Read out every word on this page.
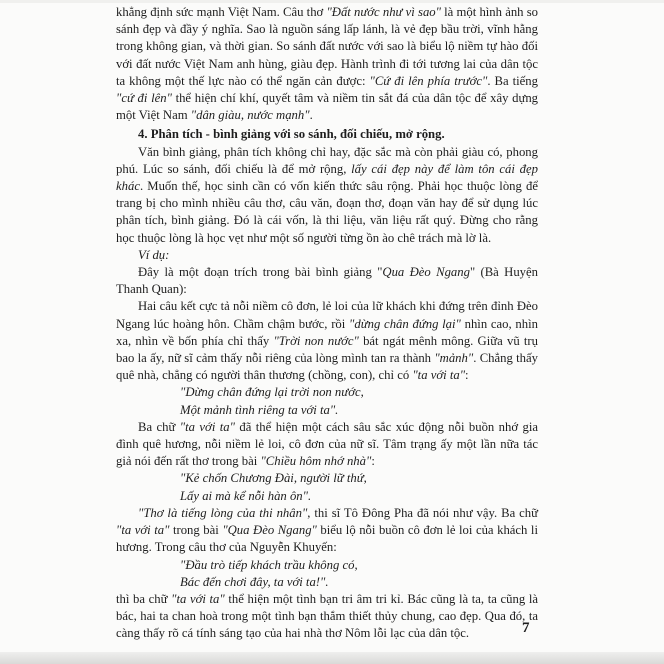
khẳng định sức mạnh Việt Nam. Câu thơ "Đất nước như vì sao" là một hình ảnh so sánh đẹp và đầy ý nghĩa. Sao là nguồn sáng lấp lánh, là vẻ đẹp bầu trời, vĩnh hằng trong không gian, và thời gian. So sánh đất nước với sao là biểu lộ niềm tự hào đối với đất nước Việt Nam anh hùng, giàu đẹp. Hành trình đi tới tương lai của dân tộc ta không một thế lực nào có thể ngăn cản được: "Cứ đi lên phía trước". Ba tiếng "cứ đi lên" thể hiện chí khí, quyết tâm và niềm tin sắt đá của dân tộc để xây dựng một Việt Nam "dân giàu, nước mạnh".

4. Phân tích - bình giảng với so sánh, đối chiếu, mở rộng.

Văn bình giảng, phân tích không chỉ hay, đặc sắc mà còn phải giàu có, phong phú. Lúc so sánh, đối chiếu là để mở rộng, lấy cái đẹp này để làm tôn cái đẹp khác. Muốn thế, học sinh cần có vốn kiến thức sâu rộng. Phải học thuộc lòng để trang bị cho mình nhiều câu thơ, câu văn, đoạn thơ, đoạn văn hay để sử dụng lúc phân tích, bình giảng. Đó là cái vốn, là thi liệu, văn liệu rất quý. Đừng cho rằng học thuộc lòng là học vẹt như một số người từng ồn ào chê trách mà lờ là.

Ví dụ:

Đây là một đoạn trích trong bài bình giảng "Qua Đèo Ngang" (Bà Huyện Thanh Quan):

Hai câu kết cực tả nỗi niềm cô đơn, lẻ loi của lữ khách khi đứng trên đỉnh Đèo Ngang lúc hoàng hôn. Chầm chậm bước, rồi "dừng chân đứng lại" nhìn cao, nhìn xa, nhìn về bốn phía chỉ thấy "Trời non nước" bát ngát mênh mông. Giữa vũ trụ bao la ấy, nữ sĩ cảm thấy nỗi riêng của lòng mình tan ra thành "mảnh". Chẳng thấy quê nhà, chẳng có người thân thương (chồng, con), chỉ có "ta với ta":

"Dừng chân đứng lại trời non nước,
Một mảnh tình riêng ta với ta".

Ba chữ "ta với ta" đã thể hiện một cách sâu sắc xúc động nỗi buồn nhớ gia đình quê hương, nỗi niềm lẻ loi, cô đơn của nữ sĩ. Tâm trạng ấy một lần nữa tác giả nói đến rất thơ trong bài "Chiều hôm nhớ nhà":

"Kẻ chốn Chương Đài, người lữ thứ,
Lấy ai mà kể nỗi hàn ôn".

"Thơ là tiếng lòng của thi nhân", thi sĩ Tô Đông Pha đã nói như vậy. Ba chữ "ta với ta" trong bài "Qua Đèo Ngang" biểu lộ nỗi buồn cô đơn lẻ loi của khách li hương. Trong câu thơ của Nguyễn Khuyến:

"Đầu trò tiếp khách trầu không có,
Bác đến chơi đây, ta với ta!".

thì ba chữ "ta với ta" thể hiện một tình bạn tri âm tri kỉ. Bác cũng là ta, ta cũng là bác, hai ta chan hoà trong một tình bạn thắm thiết thủy chung, cao đẹp. Qua đó, ta càng thấy rõ cá tính sáng tạo của hai nhà thơ Nôm lỗi lạc của dân tộc.	7
